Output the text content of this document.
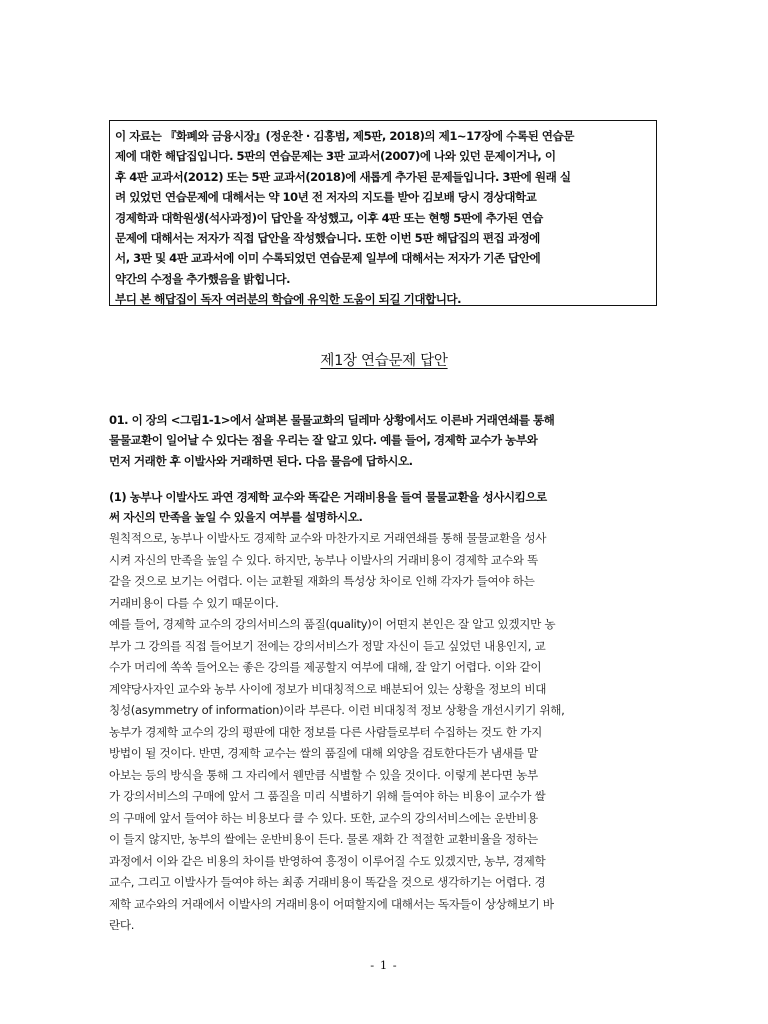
이 자료는 『화폐와 금융시장』(정운찬 · 김홍범, 제5판, 2018)의 제1~17장에 수록된 연습문

제에 대한 해답집입니다. 5판의 연습문제는 3판 교과서(2007)에 나와 있던 문제이거나, 이

후 4판 교과서(2012) 또는 5판 교과서(2018)에 새롭게 추가된 문제들입니다. 3판에 원래 실

려 있었던 연습문제에 대해서는 약 10년 전 저자의 지도를 받아 김보배 당시 경상대학교

경제학과 대학원생(석사과정)이 답안을 작성했고, 이후 4판 또는 현행 5판에 추가된 연습

문제에 대해서는 저자가 직접 답안을 작성했습니다. 또한 이번 5판 해답집의 편집 과정에

서, 3판 및 4판 교과서에 이미 수록되었던 연습문제 일부에 대해서는 저자가 기존 답안에

약간의 수정을 추가했음을 밝힙니다.

부디 본 해답집이 독자 여러분의 학습에 유익한 도움이 되길 기대합니다.

제1장 연습문제 답안

01. 이 장의 <그림1-1>에서 살펴본 물물교화의 딜레마 상황에서도 이른바 거래연쇄를 통해

물물교환이 일어날 수 있다는 점을 우리는 잘 알고 있다. 예를 들어, 경제학 교수가 농부와

먼저 거래한 후 이발사와 거래하면 된다. 다음 물음에 답하시오.

(1) 농부나 이발사도 과연 경제학 교수와 똑같은 거래비용을 들여 물물교환을 성사시킴으로

써 자신의 만족을 높일 수 있을지 여부를 설명하시오.

원칙적으로, 농부나 이발사도 경제학 교수와 마찬가지로 거래연쇄를 통해 물물교환을 성사

시켜 자신의 만족을 높일 수 있다. 하지만, 농부나 이발사의 거래비용이 경제학 교수와 똑

같을 것으로 보기는 어렵다. 이는 교환될 재화의 특성상 차이로 인해 각자가 들여야 하는

거래비용이 다를 수 있기 때문이다.

예를 들어, 경제학 교수의 강의서비스의 품질(quality)이 어떤지 본인은 잘 알고 있겠지만 농

부가 그 강의를 직접 들어보기 전에는 강의서비스가 정말 자신이 듣고 싶었던 내용인지, 교

수가 머리에 쏙쏙 들어오는 좋은 강의를 제공할지 여부에 대해, 잘 알기 어렵다. 이와 같이

계약당사자인 교수와 농부 사이에 정보가 비대칭적으로 배분되어 있는 상황을 정보의 비대

칭성(asymmetry of information)이라 부른다. 이런 비대칭적 정보 상황을 개선시키기 위해,

농부가 경제학 교수의 강의 평판에 대한 정보를 다른 사람들로부터 수집하는 것도 한 가지

방법이 될 것이다. 반면, 경제학 교수는 쌀의 품질에 대해 외양을 검토한다든가 냄새를 맡

아보는 등의 방식을 통해 그 자리에서 웬만큼 식별할 수 있을 것이다. 이렇게 본다면 농부

가 강의서비스의 구매에 앞서 그 품질을 미리 식별하기 위해 들여야 하는 비용이 교수가 쌀

의 구매에 앞서 들여야 하는 비용보다 클 수 있다. 또한, 교수의 강의서비스에는 운반비용

이 들지 않지만, 농부의 쌀에는 운반비용이 든다. 물론 재화 간 적절한 교환비율을 정하는

과정에서 이와 같은 비용의 차이를 반영하여 흥정이 이루어질 수도 있겠지만, 농부, 경제학

교수, 그리고 이발사가 들여야 하는 최종 거래비용이 똑같을 것으로 생각하기는 어렵다. 경

제학 교수와의 거래에서 이발사의 거래비용이 어떠할지에 대해서는 독자들이 상상해보기 바

란다.

- 1 -
